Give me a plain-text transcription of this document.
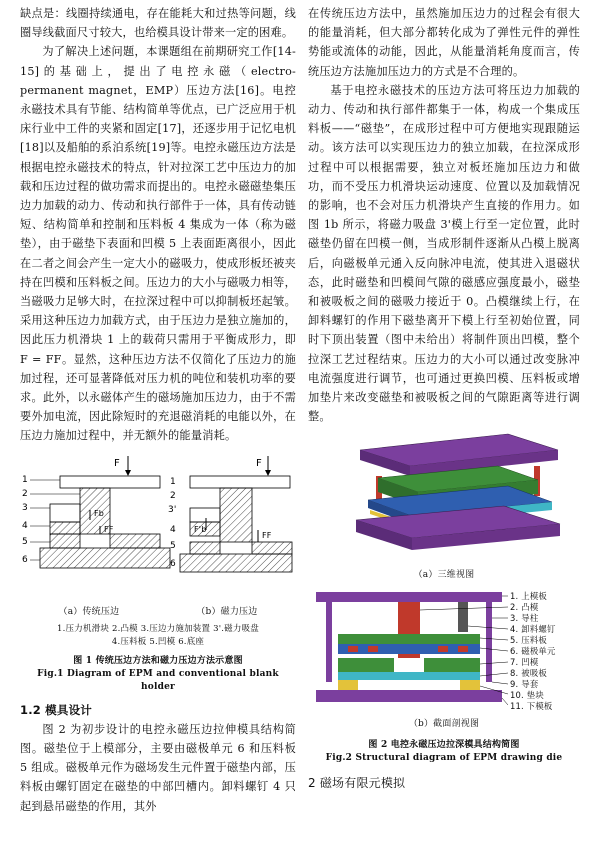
缺点是：线圈持续通电，存在能耗大和过热等问题，线圈导线截面尺寸较大，也给模具设计带来一定的困难。

为了解决上述问题，本课题组在前期研究工作[14-15]的基础上，提出了电控永磁（electro-permanent magnet，EMP）压边方法[16]。电控永磁技术具有节能、结构简单等优点，已广泛应用于机床行业中工件的夹紧和固定[17]，还逐步用于记忆电机[18]以及船舶的系泊系统[19]等。电控永磁压边方法是根据电控永磁技术的特点，针对拉深工艺中压边力的加载和压边过程的做功需求而提出的。电控永磁磁垫集压边力加载的动力、传动和执行部件于一体，具有传动链短、结构简单和控制和压料板 4 集成为一体（称为磁垫），由于磁垫下表面和凹模 5 上表面距离很小，因此在二者之间会产生一定大小的磁吸力，使成形板坯被夹持在凹模和压料板之间。压边力的大小与磁吸力相等，当磁吸力足够大时，在拉深过程中可以抑制板坯起皱。采用这种压边力加载方式，由于压边力是独立施加的，因此压力机滑块 1 上的载荷只需用于平衡成形力，即 F = FF。显然，这种压边方法不仅简化了压边力的施加过程，还可显著降低对压力机的吨位和装机功率的要求。此外，以永磁体产生的磁场施加压边力，由于不需要外加电流，因此除短时的充退磁消耗的电能以外，在压边力施加过程中，并无额外的能量消耗。

F
Fb
FF
1
2
3
4
5
6
F
F'b
FF
1
2
3'
4
5
6
（a）传统压边	（b）磁力压边
1.压力机滑块 2.凸模 3.压边力施加装置 3'.磁力吸盘
4.压料板 5.凹模 6.底座
图 1 传统压边方法和磁力压边方法示意图
Fig.1 Diagram of EPM and conventional blank holder
1.2 模具设计

图 2 为初步设计的电控永磁压边拉伸模具结构简图。磁垫位于上模部分，主要由磁极单元 6 和压料板 5 组成。磁极单元作为磁场发生元件置于磁垫内部，压料板由螺钉固定在磁垫的中部凹槽内。卸料螺钉 4 只起到悬吊磁垫的作用，其外

在传统压边方法中，虽然施加压边力的过程会有很大的能量消耗，但大部分都转化成为了弹性元件的弹性势能或流体的动能，因此，从能量消耗角度而言，传统压边方法施加压边力的方式是不合理的。

基于电控永磁技术的压边方法可将压边力加载的动力、传动和执行部件都集于一体，构成一个集成压料板——“磁垫”，在成形过程中可方便地实现跟随运动。该方法可以实现压边力的独立加载，在拉深成形过程中可以根据需要，独立对板坯施加压边力和做功，而不受压力机滑块运动速度、位置以及加载情况的影响，也不会对压力机滑块产生直接的作用力。如图 1b 所示，将磁力吸盘 3'模上行至一定位置，此时磁垫仍留在凹模一侧，当成形制件逐渐从凸模上脱离后，向磁极单元通入反向脉冲电流，使其进入退磁状态，此时磁垫和凹模间气隙的磁感应强度最小，磁垫和被吸板之间的磁吸力接近于 0。凸模继续上行，在卸料螺钉的作用下磁垫离开下模上行至初始位置，同时下顶出装置（图中未给出）将制件顶出凹模，整个拉深工艺过程结束。压边力的大小可以通过改变脉冲电流强度进行调节，也可通过更换凹模、压料板或增加垫片来改变磁垫和被吸板之间的气隙距离等进行调整。

（a）三维视图
1. 上模板
2. 凸模
3. 导柱
4. 卸料螺钉
5. 压料板
6. 磁极单元
7. 凹模
8. 被吸板
9. 导套
10. 垫块
11. 下模板
（b）截面剖视图
图 2 电控永磁压边拉深模具结构简图
Fig.2 Structural diagram of EPM drawing die
2 磁场有限元模拟
